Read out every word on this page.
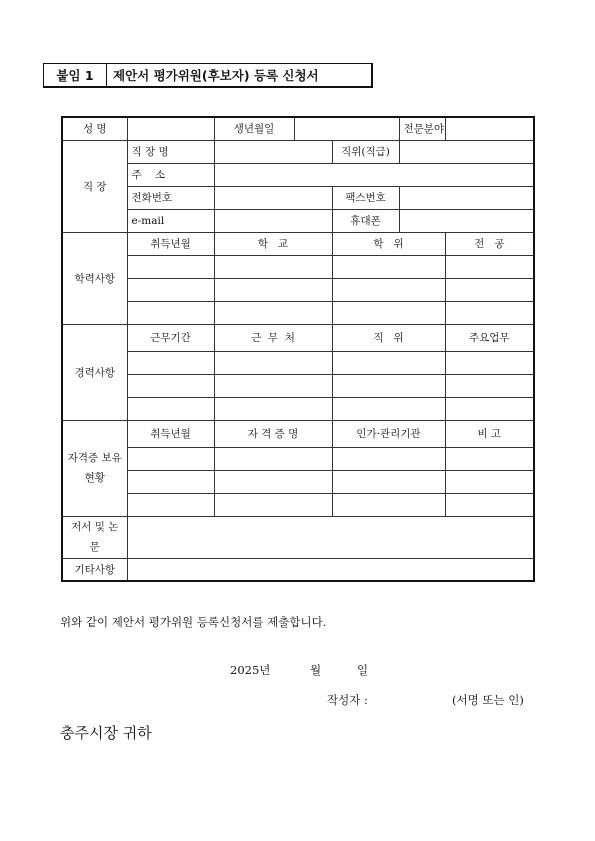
붙임 1	제안서 평가위원(후보자) 등록 신청서
성 명		생년월일			전문분야	
직 장	직 장 명			직위(직급)		
	주    소					
	전화번호			팩스번호		
	e-mail			휴대폰		
학력사항	취득년월	학   교		학   위		전   공

경력사항	근무기간	근  무  처		직   위		주요업무

자격증 보유현황	취득년월	자 격 증 명		인가·관리기관		비 고

저서 및 논문						
기타사항						
위와 같이 제안서 평가위원 등록신청서를 제출합니다.
2025년	월	일
작성자 :	(서명 또는 인)
충주시장 귀하
